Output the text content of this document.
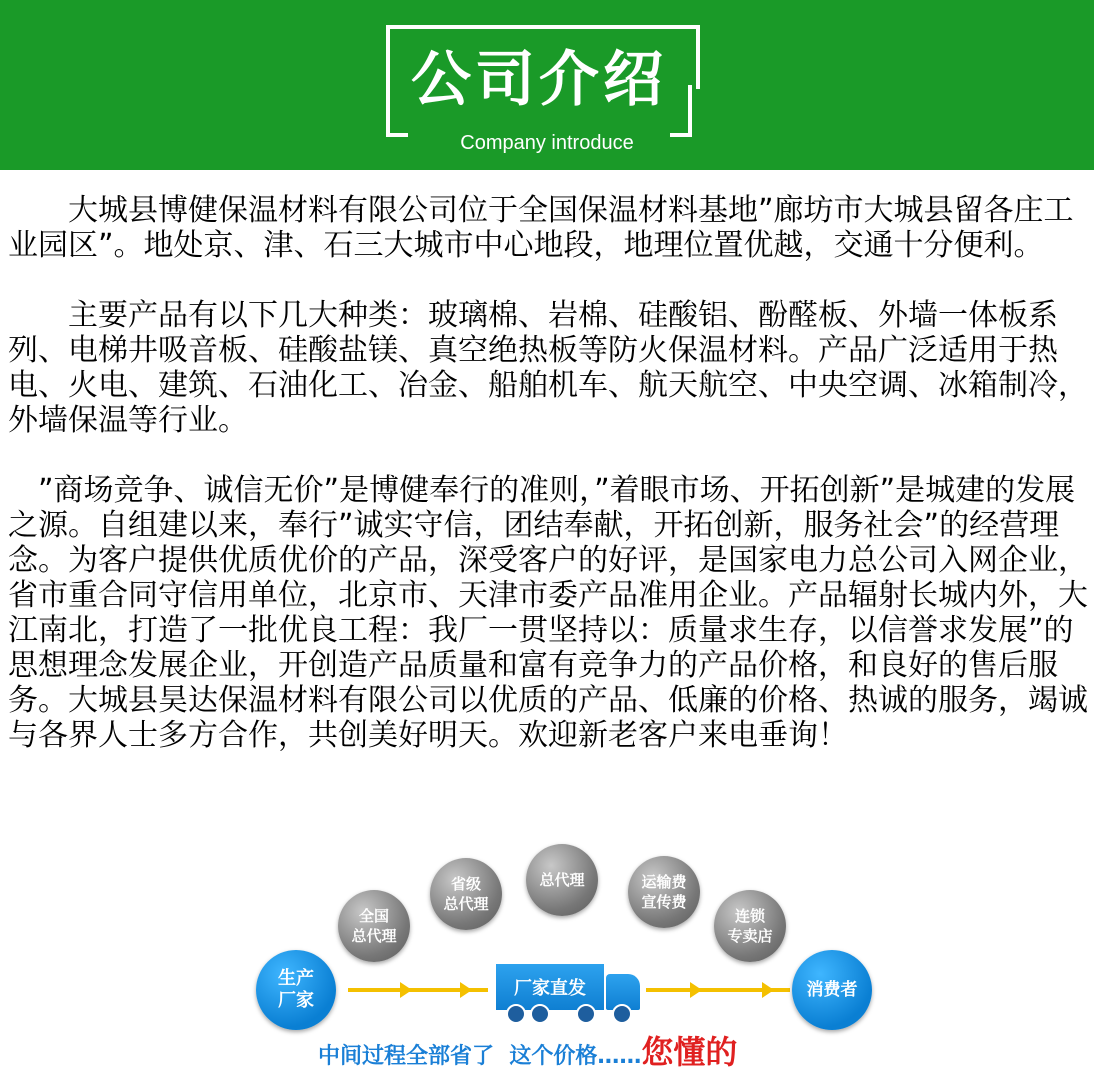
公司介绍
Company introduce

大城县博健保温材料有限公司位于全国保温材料基地”廊坊市大城县留各庄工业园区”。地处京、津、石三大城市中心地段，地理位置优越，交通十分便利。

主要产品有以下几大种类：玻璃棉、岩棉、硅酸铝、酚醛板、外墙一体板系列、电梯井吸音板、硅酸盐镁、真空绝热板等防火保温材料。产品广泛适用于热电、火电、建筑、石油化工、冶金、船舶机车、航天航空、中央空调、冰箱制冷，外墙保温等行业。

”商场竞争、诚信无价”是博健奉行的准则，”着眼市场、开拓创新”是城建的发展之源。自组建以来，奉行”诚实守信，团结奉献，开拓创新，服务社会”的经营理念。为客户提供优质优价的产品，深受客户的好评，是国家电力总公司入网企业，省市重合同守信用单位，北京市、天津市委产品准用企业。产品辐射长城内外，大江南北，打造了一批优良工程：我厂一贯坚持以：质量求生存，以信誉求发展”的思想理念发展企业，开创造产品质量和富有竞争力的产品价格，和良好的售后服务。大城县昊达保温材料有限公司以优质的产品、低廉的价格、热诚的服务，竭诚与各界人士多方合作，共创美好明天。欢迎新老客户来电垂询！

生产
厂家
全国
总代理
省级
总代理
总代理	运输费
宣传费
连锁
专卖店
厂家直发	消费者
中间过程全部省了  这个价格……您懂的
